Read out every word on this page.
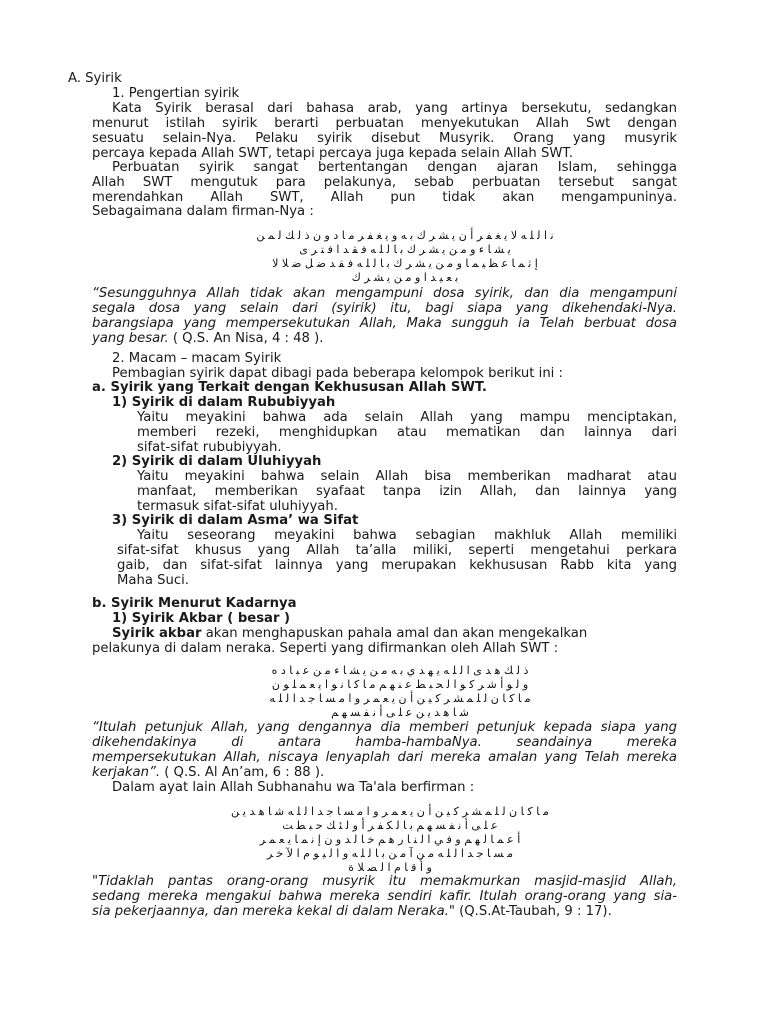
A. Syirik
1. Pengertian syirik
Kata Syirik berasal dari bahasa arab, yang artinya bersekutu, sedangkan
menurut istilah syirik berarti perbuatan menyekutukan Allah Swt dengan
sesuatu selain-Nya. Pelaku syirik disebut Musyrik. Orang yang musyrik
percaya kepada Allah SWT, tetapi percaya juga kepada selain Allah SWT.
Perbuatan syirik sangat bertentangan dengan ajaran Islam, sehingga
Allah SWT mengutuk para pelakunya, sebab perbuatan tersebut sangat
merendahkan Allah SWT, Allah pun tidak akan mengampuninya.
Sebagaimana dalam firman-Nya :
ﻧ ﺍ ﻟ ﻠ ﻪ ﻻ ﻳ ﻐ ﻔ ﺮ ﺃ ﻥ ﻳ ﺸ ﺮ ﻙ ﺑ ﻪ ﻭ ﻳ ﻐ ﻔ ﺮ ﻣ ﺎ ﺩ ﻭ ﻥ ﺫ ﻟ ﻚ ﻟ ﻤ ﻦ
ﻳ ﺸ ﺎ ﺀ ﻭ ﻣ ﻦ ﻳ ﺸ ﺮ ﻙ ﺑ ﺎ ﻟ ﻠ ﻪ ﻓ ﻘ ﺪ ﺍ ﻓ ﺘ ﺮ ﻯ
ﺇ ﺛ ﻤ ﺎ ﻋ ﻈ ﻴ ﻤ ﺎ ﻭ ﻣ ﻦ ﻳ ﺸ ﺮ ﻙ ﺑ ﺎ ﻟ ﻠ ﻪ ﻓ ﻘ ﺪ ﺿ ﻞ ﺿ ﻼ ﻻ
ﺑ ﻌ ﻴ ﺪ ﺍ ﻭ ﻣ ﻦ ﻳ ﺸ ﺮ ﻙ
“Sesungguhnya Allah tidak akan mengampuni dosa syirik, dan dia mengampuni
segala dosa yang selain dari (syirik) itu, bagi siapa yang dikehendaki-Nya.
barangsiapa yang mempersekutukan Allah, Maka sungguh ia Telah berbuat dosa
yang besar. ( Q.S. An Nisa, 4 : 48 ).
2. Macam – macam Syirik
Pembagian syirik dapat dibagi pada beberapa kelompok berikut ini :
a. Syirik yang Terkait dengan Kekhususan Allah SWT.
1) Syirik di dalam Rububiyyah
Yaitu meyakini bahwa ada selain Allah yang mampu menciptakan,
memberi rezeki, menghidupkan atau mematikan dan lainnya dari
sifat-sifat rububiyyah.
2) Syirik di dalam Uluhiyyah
Yaitu meyakini bahwa selain Allah bisa memberikan madharat atau
manfaat, memberikan syafaat tanpa izin Allah, dan lainnya yang
termasuk sifat-sifat uluhiyyah.
3) Syirik di dalam Asma’ wa Sifat
Yaitu seseorang meyakini bahwa sebagian makhluk Allah memiliki
sifat-sifat khusus yang Allah ta’alla miliki, seperti mengetahui perkara
gaib, dan sifat-sifat lainnya yang merupakan kekhususan Rabb kita yang
Maha Suci.
b. Syirik Menurut Kadarnya
1) Syirik Akbar ( besar )
Syirik akbar akan menghapuskan pahala amal dan akan mengekalkan
pelakunya di dalam neraka. Seperti yang difirmankan oleh Allah SWT :
ﺫ ﻟ ﻚ ﻫ ﺪ ﻯ ﺍ ﻟ ﻠ ﻪ ﻳ ﻬ ﺪ ﻱ ﺑ ﻪ ﻣ ﻦ ﻳ ﺸ ﺎ ﺀ ﻣ ﻦ ﻋ ﺒ ﺎ ﺩ ﻩ
ﻭ ﻟ ﻮ ﺃ ﺷ ﺮ ﻛ ﻮ ﺍ ﻟ ﺤ ﺒ ﻂ ﻋ ﻨ ﻬ ﻢ ﻣ ﺎ ﻛ ﺎ ﻧ ﻮ ﺍ ﻳ ﻌ ﻤ ﻠ ﻮ ﻥ
ﻣ ﺎ ﻛ ﺎ ﻥ ﻟ ﻠ ﻤ ﺸ ﺮ ﻛ ﻴ ﻦ ﺃ ﻥ ﻳ ﻌ ﻤ ﺮ ﻭ ﺍ ﻣ ﺴ ﺎ ﺟ ﺪ ﺍ ﻟ ﻠ ﻪ
ﺷ ﺎ ﻫ ﺪ ﻳ ﻦ ﻋ ﻠ ﻰ ﺃ ﻧ ﻔ ﺴ ﻬ ﻢ
“Itulah petunjuk Allah, yang dengannya dia memberi petunjuk kepada siapa yang
dikehendakinya di antara hamba-hambaNya. seandainya mereka
mempersekutukan Allah, niscaya lenyaplah dari mereka amalan yang Telah mereka
kerjakan”. ( Q.S. Al An’am, 6 : 88 ).
Dalam ayat lain Allah Subhanahu wa Ta'ala berfirman :
ﻣ ﺎ ﻛ ﺎ ﻥ ﻟ ﻠ ﻤ ﺸ ﺮ ﻛ ﻴ ﻦ ﺃ ﻥ ﻳ ﻌ ﻤ ﺮ ﻭ ﺍ ﻣ ﺴ ﺎ ﺟ ﺪ ﺍ ﻟ ﻠ ﻪ ﺷ ﺎ ﻫ ﺪ ﻳ ﻦ
ﻋ ﻠ ﻰ ﺃ ﻧ ﻔ ﺴ ﻬ ﻢ ﺑ ﺎ ﻟ ﻜ ﻔ ﺮ ﺃ ﻭ ﻟ ﺌ ﻚ ﺣ ﺒ ﻄ ﺖ
ﺃ ﻋ ﻤ ﺎ ﻟ ﻬ ﻢ ﻭ ﻓ ﻲ ﺍ ﻟ ﻨ ﺎ ﺭ ﻫ ﻢ ﺧ ﺎ ﻟ ﺪ ﻭ ﻥ ﺇ ﻧ ﻤ ﺎ ﻳ ﻌ ﻤ ﺮ
ﻣ ﺴ ﺎ ﺟ ﺪ ﺍ ﻟ ﻠ ﻪ ﻣ ﻦ ﺁ ﻣ ﻦ ﺑ ﺎ ﻟ ﻠ ﻪ ﻭ ﺍ ﻟ ﻴ ﻮ ﻡ ﺍ ﻵ ﺧ ﺮ
ﻭ ﺃ ﻗ ﺎ ﻡ ﺍ ﻟ ﺼ ﻼ ﺓ
"Tidaklah pantas orang-orang musyrik itu memakmurkan masjid-masjid Allah,
sedang mereka mengakui bahwa mereka sendiri kafir. Itulah orang-orang yang sia-
sia pekerjaannya, dan mereka kekal di dalam Neraka." (Q.S.At-Taubah, 9 : 17).
